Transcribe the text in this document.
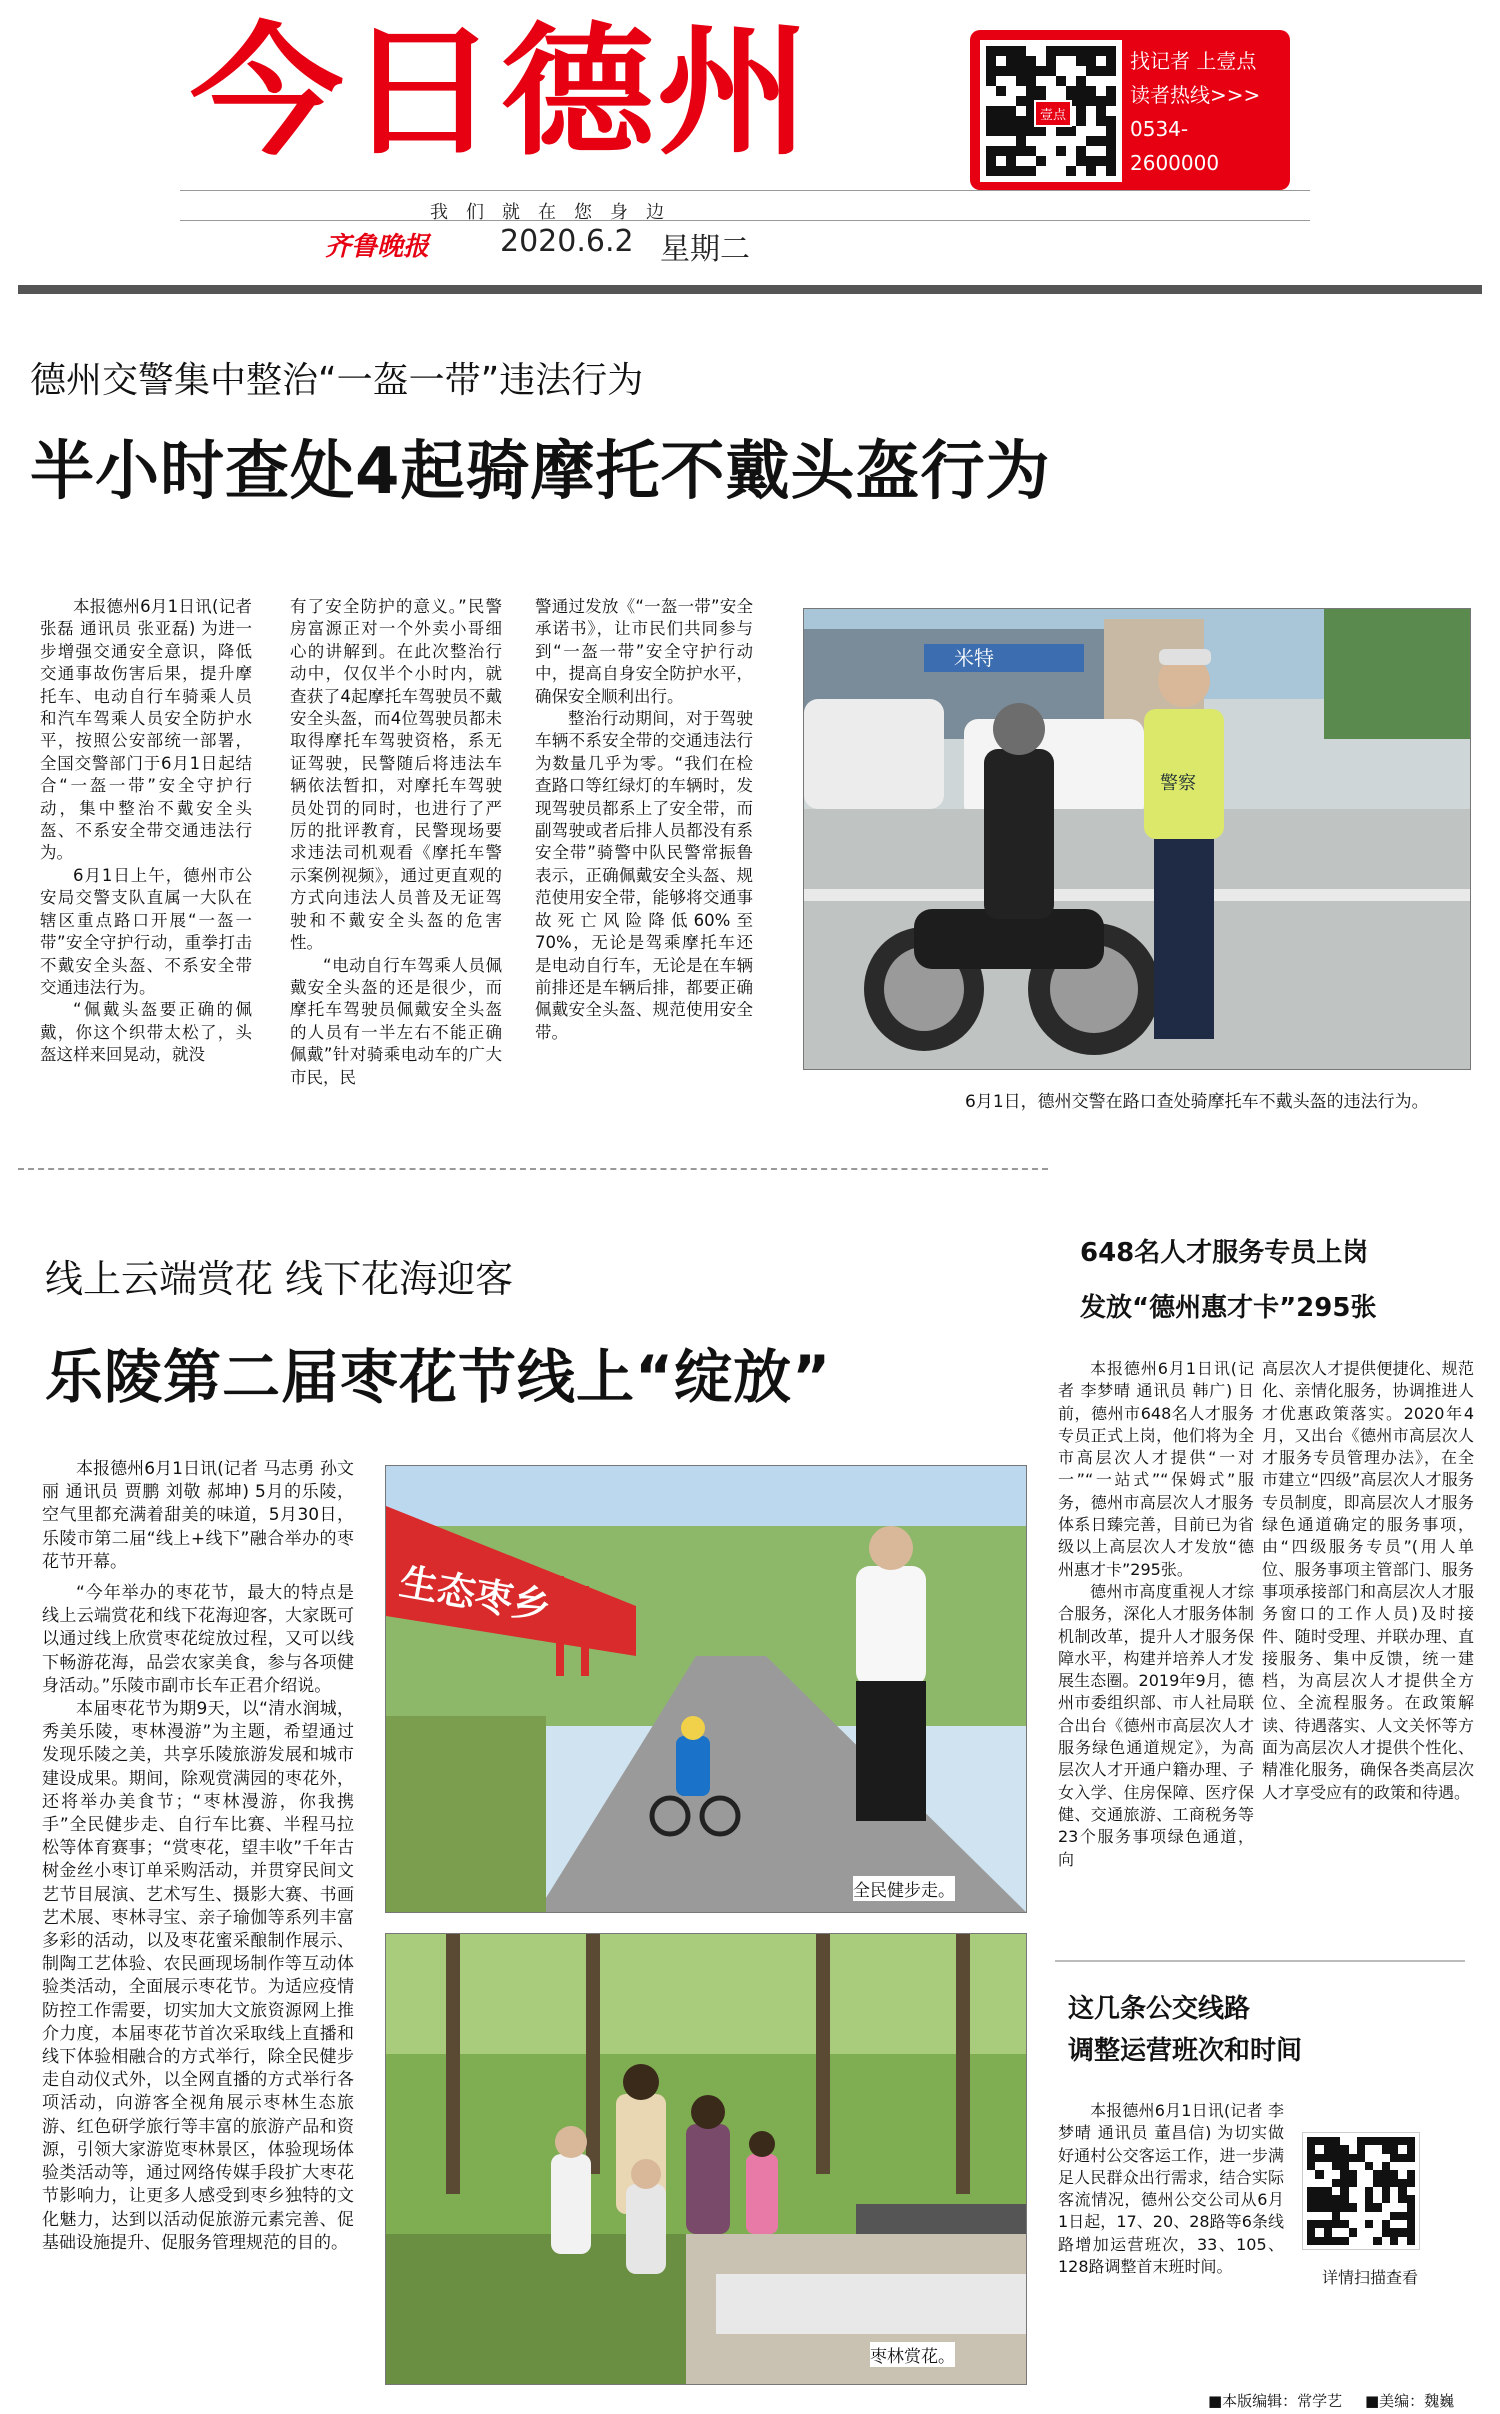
今日德州	壹点
找记者 上壹点
读者热线>>>
0534-
2600000
我们就在您身边
齐鲁晚报 2020.6.2 星期二
德州交警集中整治“一盔一带”违法行为
半小时查处4起骑摩托不戴头盔行为

本报德州6月1日讯(记者 张磊 通讯员 张亚磊) 为进一步增强交通安全意识，降低交通事故伤害后果，提升摩托车、电动自行车骑乘人员和汽车驾乘人员安全防护水平，按照公安部统一部署，全国交警部门于6月1日起结合“一盔一带”安全守护行动，集中整治不戴安全头盔、不系安全带交通违法行为。

6月1日上午，德州市公安局交警支队直属一大队在辖区重点路口开展“一盔一带”安全守护行动，重拳打击不戴安全头盔、不系安全带交通违法行为。

“佩戴头盔要正确的佩戴，你这个织带太松了，头盔这样来回晃动，就没

有了安全防护的意义。”民警房富源正对一个外卖小哥细心的讲解到。在此次整治行动中，仅仅半个小时内，就查获了4起摩托车驾驶员不戴安全头盔，而4位驾驶员都未取得摩托车驾驶资格，系无证驾驶，民警随后将违法车辆依法暂扣，对摩托车驾驶员处罚的同时，也进行了严厉的批评教育，民警现场要求违法司机观看《摩托车警示案例视频》，通过更直观的方式向违法人员普及无证驾驶和不戴安全头盔的危害性。

“电动自行车驾乘人员佩戴安全头盔的还是很少，而摩托车驾驶员佩戴安全头盔的人员有一半左右不能正确佩戴”针对骑乘电动车的广大市民，民

警通过发放《“一盔一带”安全承诺书》，让市民们共同参与到“一盔一带”安全守护行动中，提高自身安全防护水平，确保安全顺利出行。

整治行动期间，对于驾驶车辆不系安全带的交通违法行为数量几乎为零。“我们在检查路口等红绿灯的车辆时，发现驾驶员都系上了安全带，而副驾驶或者后排人员都没有系安全带”骑警中队民警常振鲁表示，正确佩戴安全头盔、规范使用安全带，能够将交通事故死亡风险降低60%至70%，无论是驾乘摩托车还是电动自行车，无论是在车辆前排还是车辆后排，都要正确佩戴安全头盔、规范使用安全带。

米特
警察
6月1日，德州交警在路口查处骑摩托车不戴头盔的违法行为。
线上云端赏花 线下花海迎客
乐陵第二届枣花节线上“绽放”

本报德州6月1日讯(记者 马志勇 孙文丽 通讯员 贾鹏 刘敬 郝坤) 5月的乐陵，空气里都充满着甜美的味道，5月30日，乐陵市第二届“线上+线下”融合举办的枣花节开幕。

“今年举办的枣花节，最大的特点是线上云端赏花和线下花海迎客，大家既可以通过线上欣赏枣花绽放过程，又可以线下畅游花海，品尝农家美食，参与各项健身活动。”乐陵市副市长车正君介绍说。

本届枣花节为期9天，以“清水润城，秀美乐陵，枣林漫游”为主题，希望通过发现乐陵之美，共享乐陵旅游发展和城市建设成果。期间，除观赏满园的枣花外，还将举办美食节；“枣林漫游，你我携手”全民健步走、自行车比赛、半程马拉松等体育赛事；“赏枣花，望丰收”千年古树金丝小枣订单采购活动，并贯穿民间文艺节目展演、艺术写生、摄影大赛、书画艺术展、枣林寻宝、亲子瑜伽等系列丰富多彩的活动，以及枣花蜜采酿制作展示、制陶工艺体验、农民画现场制作等互动体验类活动，全面展示枣花节。为适应疫情防控工作需要，切实加大文旅资源网上推介力度，本届枣花节首次采取线上直播和线下体验相融合的方式举行，除全民健步走自动仪式外，以全网直播的方式举行各项活动，向游客全视角展示枣林生态旅游、红色研学旅行等丰富的旅游产品和资源，引领大家游览枣林景区，体验现场体验类活动等，通过网络传媒手段扩大枣花节影响力，让更多人感受到枣乡独特的文化魅力，达到以活动促旅游元素完善、促基础设施提升、促服务管理规范的目的。

生态枣乡
全民健步走。
枣林赏花。
648名人才服务专员上岗
发放“德州惠才卡”295张

本报德州6月1日讯(记者 李梦晴 通讯员 韩广) 日前，德州市648名人才服务专员正式上岗，他们将为全市高层次人才提供“一对一”“一站式”“保姆式”服务，德州市高层次人才服务体系日臻完善，目前已为省级以上高层次人才发放“德州惠才卡”295张。

德州市高度重视人才综合服务，深化人才服务体制机制改革，提升人才服务保障水平，构建并培养人才发展生态圈。2019年9月，德州市委组织部、市人社局联合出台《德州市高层次人才服务绿色通道规定》，为高层次人才开通户籍办理、子女入学、住房保障、医疗保健、交通旅游、工商税务等23个服务事项绿色通道，向

高层次人才提供便捷化、规范化、亲情化服务，协调推进人才优惠政策落实。2020年4月，又出台《德州市高层次人才服务专员管理办法》，在全市建立“四级”高层次人才服务专员制度，即高层次人才服务绿色通道确定的服务事项，由“四级服务专员”(用人单位、服务事项主管部门、服务事项承接部门和高层次人才服务窗口的工作人员)及时接件、随时受理、并联办理、直接服务、集中反馈，统一建档，为高层次人才提供全方位、全流程服务。在政策解读、待遇落实、人文关怀等方面为高层次人才提供个性化、精准化服务，确保各类高层次人才享受应有的政策和待遇。

这几条公交线路
调整运营班次和时间

本报德州6月1日讯(记者 李梦晴 通讯员 董昌信) 为切实做好通村公交客运工作，进一步满足人民群众出行需求，结合实际客流情况，德州公交公司从6月1日起，17、20、28路等6条线路增加运营班次，33、105、128路调整首末班时间。

详情扫描查看
■本版编辑：常学艺 ■美编：魏巍
